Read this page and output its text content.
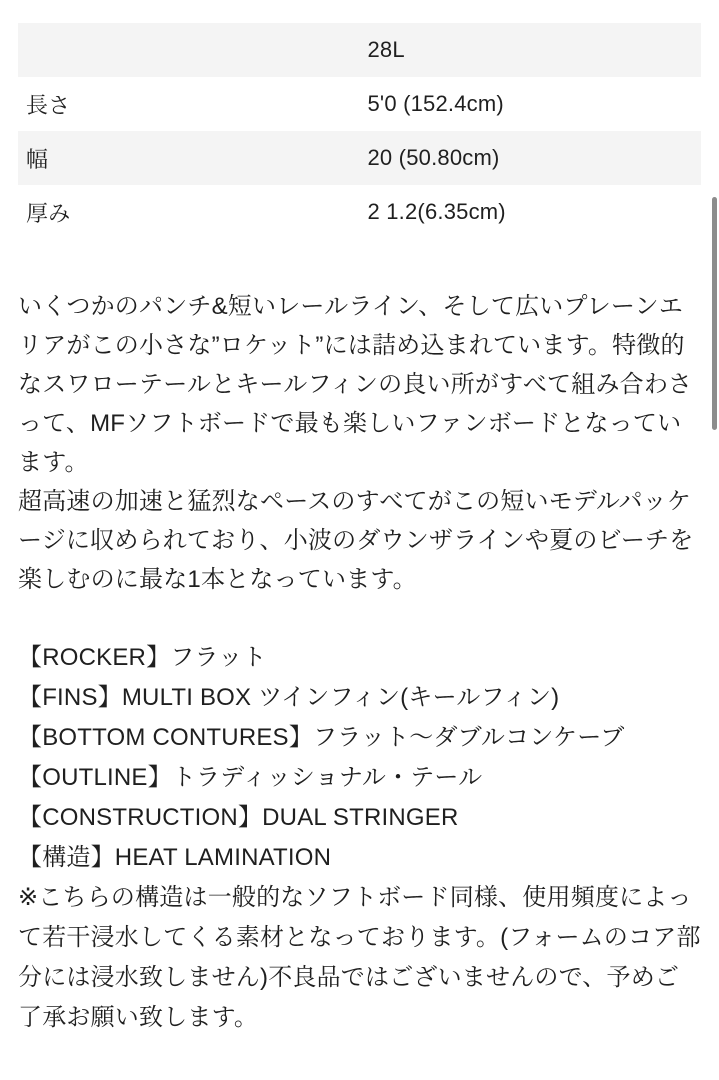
	28L
長さ	5'0 (152.4cm)
幅	20 (50.80cm)
厚み	2 1.2(6.35cm)

いくつかのパンチ&短いレールライン、そして広いプレーンエリアがこの小さな”ロケット”には詰め込まれています。特徴的なスワローテールとキールフィンの良い所がすべて組み合わさって、MFソフトボードで最も楽しいファンボードとなっています。

超高速の加速と猛烈なペースのすべてがこの短いモデルパッケージに収められており、小波のダウンザラインや夏のビーチを楽しむのに最な1本となっています。

【ROCKER】フラット
【FINS】MULTI BOX ツインフィン(キールフィン)
【BOTTOM CONTURES】フラット～ダブルコンケーブ
【OUTLINE】トラディッショナル・テール
【CONSTRUCTION】DUAL STRINGER
【構造】HEAT LAMINATION

※こちらの構造は一般的なソフトボード同様、使用頻度によって若干浸水してくる素材となっております。(フォームのコア部分には浸水致しません)不良品ではございませんので、予めご了承お願い致します。
